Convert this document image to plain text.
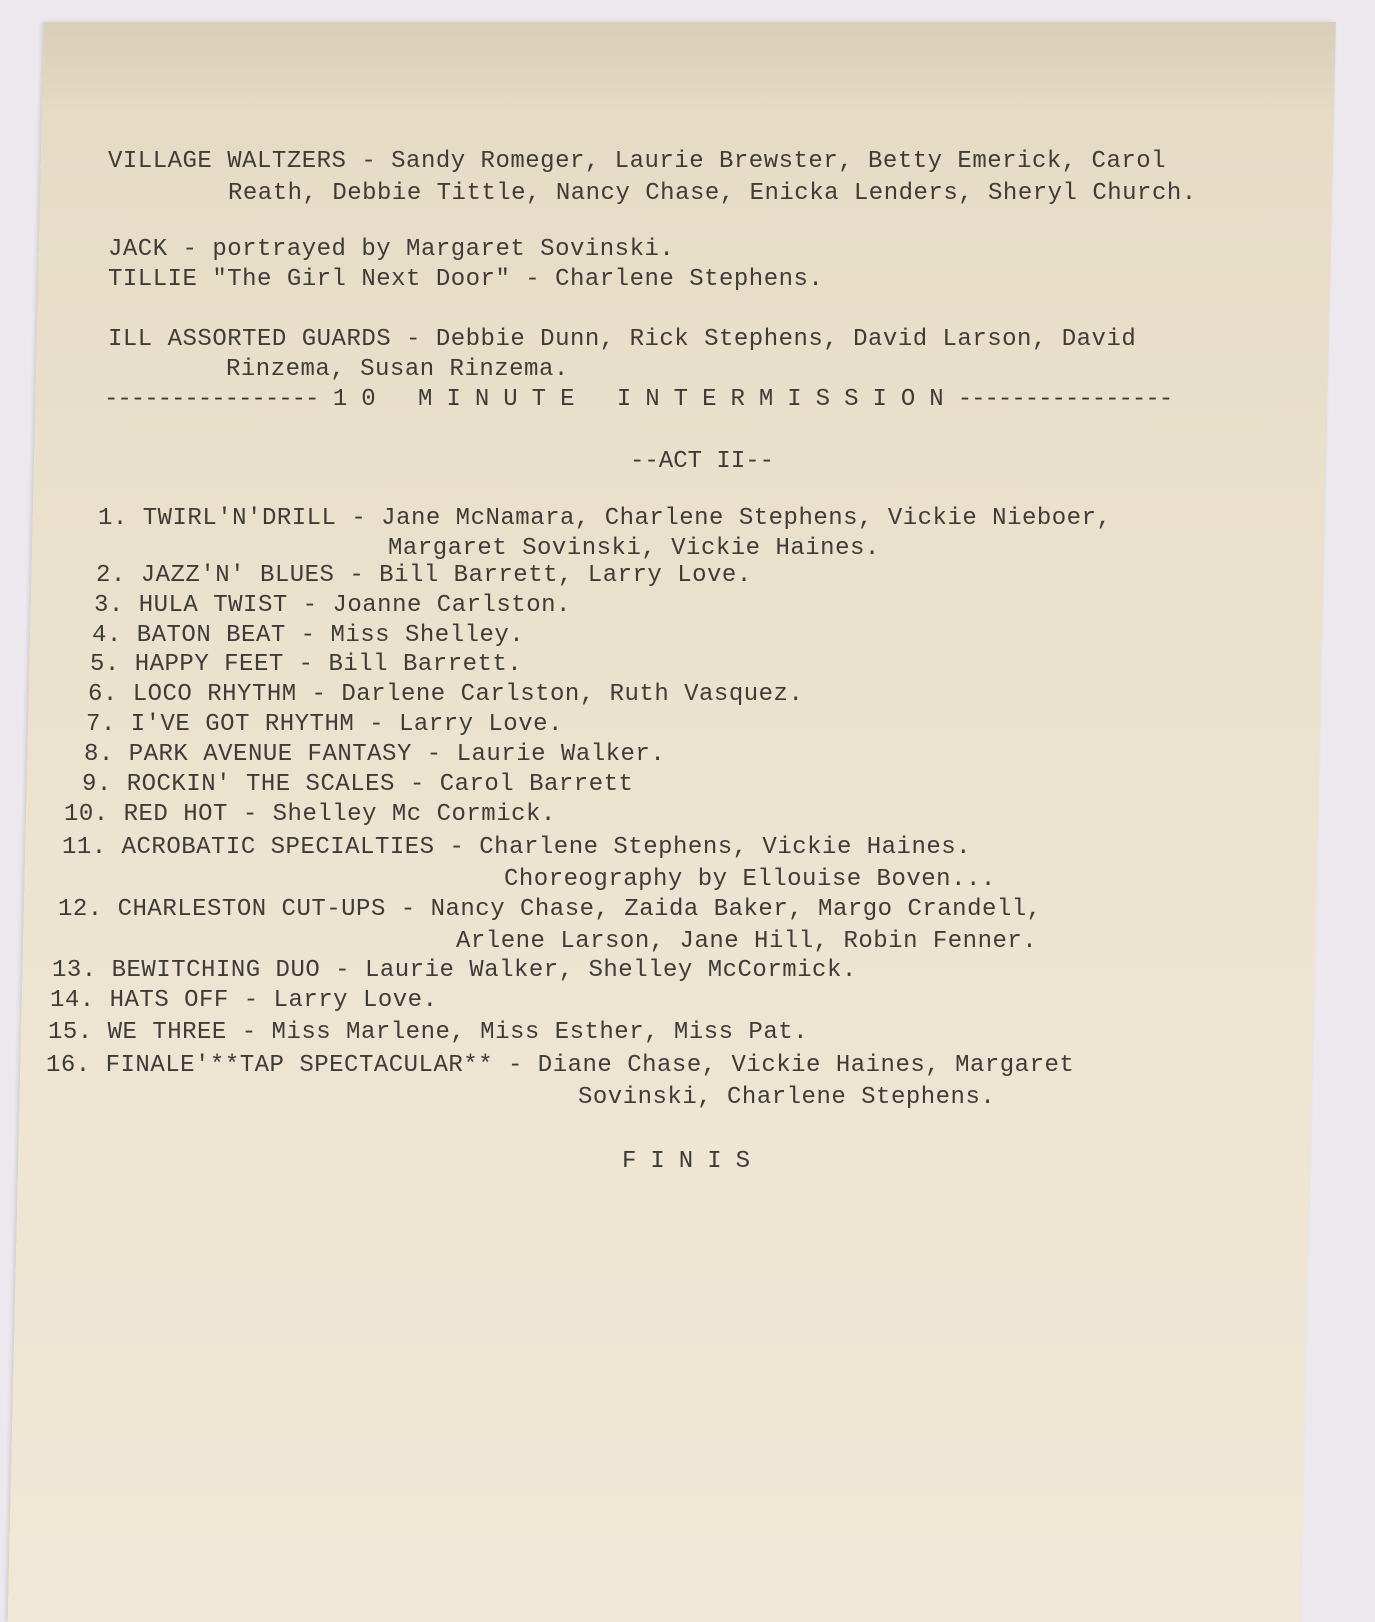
VILLAGE WALTZERS - Sandy Romeger, Laurie Brewster, Betty Emerick, Carol
Reath, Debbie Tittle, Nancy Chase, Enicka Lenders, Sheryl Church.
JACK - portrayed by Margaret Sovinski.
TILLIE "The Girl Next Door" - Charlene Stephens.
ILL ASSORTED GUARDS - Debbie Dunn, Rick Stephens, David Larson, David
Rinzema, Susan Rinzema.
---------------- 10 MINUTE INTERMISSION----------------
--ACT II--
1. TWIRL'N'DRILL - Jane McNamara, Charlene Stephens, Vickie Nieboer,
Margaret Sovinski, Vickie Haines.
2. JAZZ'N' BLUES - Bill Barrett, Larry Love.
3. HULA TWIST - Joanne Carlston.
4. BATON BEAT - Miss Shelley.
5. HAPPY FEET - Bill Barrett.
6. LOCO RHYTHM - Darlene Carlston, Ruth Vasquez.
7. I'VE GOT RHYTHM - Larry Love.
8. PARK AVENUE FANTASY - Laurie Walker.
9. ROCKIN' THE SCALES - Carol Barrett
10. RED HOT - Shelley Mc Cormick.
11. ACROBATIC SPECIALTIES - Charlene Stephens, Vickie Haines.
Choreography by Ellouise Boven...
12. CHARLESTON CUT-UPS - Nancy Chase, Zaida Baker, Margo Crandell,
Arlene Larson, Jane Hill, Robin Fenner.
13. BEWITCHING DUO - Laurie Walker, Shelley McCormick.
14. HATS OFF - Larry Love.
15. WE THREE - Miss Marlene, Miss Esther, Miss Pat.
16. FINALE'**TAP SPECTACULAR** - Diane Chase, Vickie Haines, Margaret
Sovinski, Charlene Stephens.
FINIS
